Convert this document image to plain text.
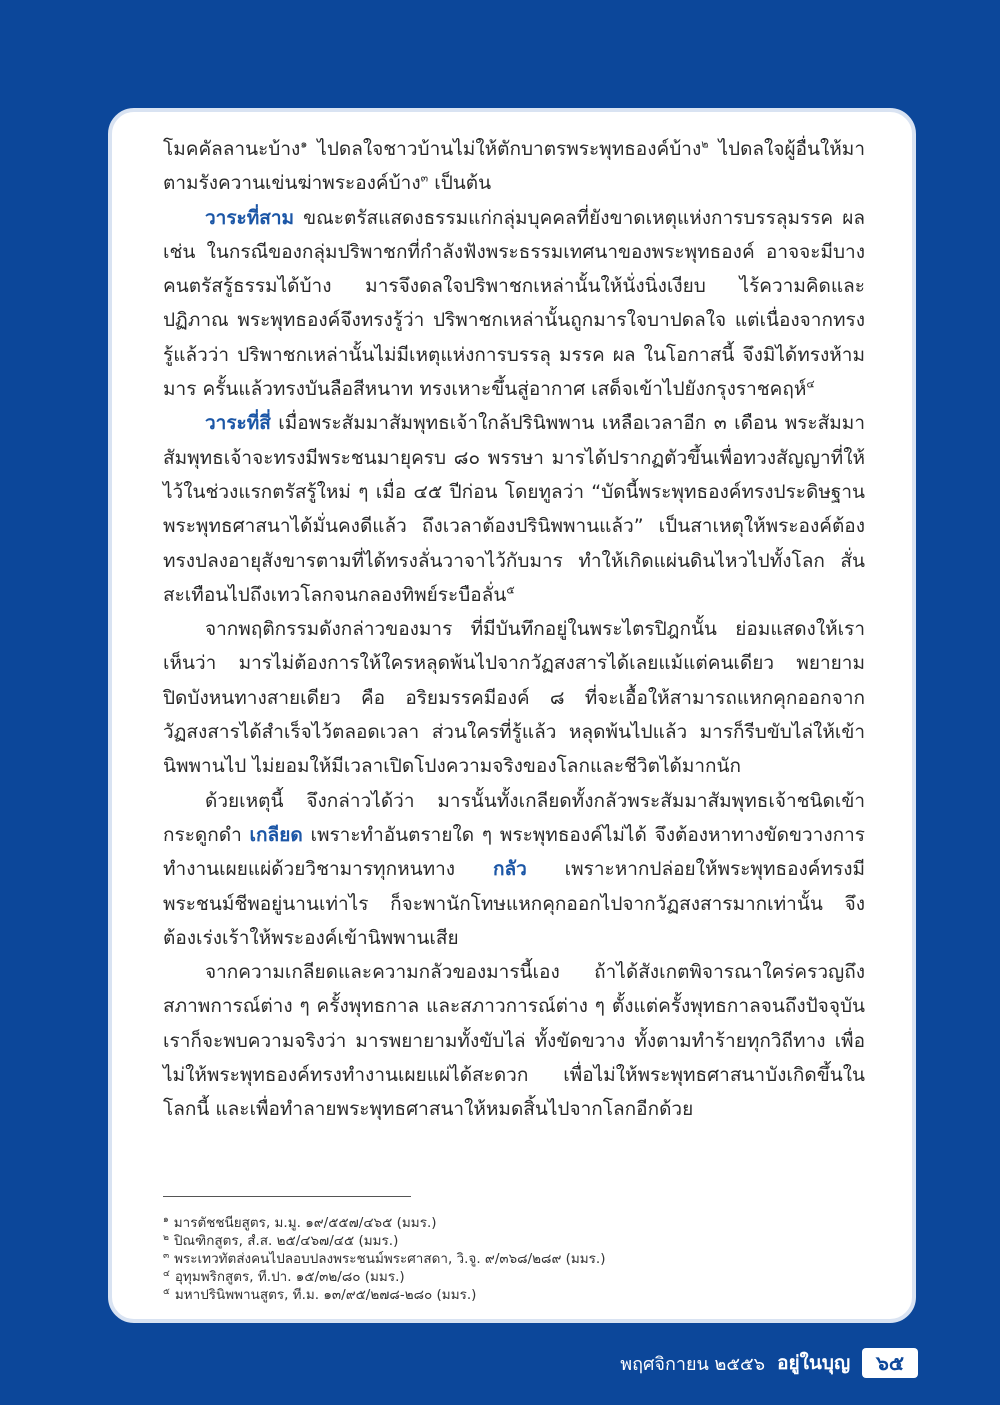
โมคคัลลานะบ้าง$^๑$ ไปดลใจชาวบ้านไม่ให้ตักบาตรพระพุทธองค์บ้าง$^๒$ ไปดลใจผู้อื่นให้มาตามรังควานเข่นฆ่าพระองค์บ้าง$^๓$ เป็นต้น

วาระที่สาม ขณะตรัสแสดงธรรมแก่กลุ่มบุคคลที่ยังขาดเหตุแห่งการบรรลุมรรค ผล เช่น ในกรณีของกลุ่มปริพาชกที่กำลังฟังพระธรรมเทศนาของพระพุทธองค์ อาจจะมีบางคนตรัสรู้ธรรมได้บ้าง มารจึงดลใจปริพาชกเหล่านั้นให้นั่งนิ่งเงียบ ไร้ความคิดและปฏิภาณ พระพุทธองค์จึงทรงรู้ว่า ปริพาชกเหล่านั้นถูกมารใจบาปดลใจ แต่เนื่องจากทรงรู้แล้วว่า ปริพาชกเหล่านั้นไม่มีเหตุแห่งการบรรลุ มรรค ผล ในโอกาสนี้ จึงมิได้ทรงห้ามมาร ครั้นแล้วทรงบันลือสีหนาท ทรงเหาะขึ้นสู่อากาศ เสด็จเข้าไปยังกรุงราชคฤห์$^๔$

วาระที่สี่ เมื่อพระสัมมาสัมพุทธเจ้าใกล้ปรินิพพาน เหลือเวลาอีก ๓ เดือน พระสัมมาสัมพุทธเจ้าจะทรงมีพระชนมายุครบ ๘๐ พรรษา มารได้ปรากฏตัวขึ้นเพื่อทวงสัญญาที่ให้ไว้ในช่วงแรกตรัสรู้ใหม่ ๆ เมื่อ ๔๕ ปีก่อน โดยทูลว่า “บัดนี้พระพุทธองค์ทรงประดิษฐานพระพุทธศาสนาได้มั่นคงดีแล้ว ถึงเวลาต้องปรินิพพานแล้ว” เป็นสาเหตุให้พระองค์ต้องทรงปลงอายุสังขารตามที่ได้ทรงลั่นวาจาไว้กับมาร ทำให้เกิดแผ่นดินไหวไปทั้งโลก สั่นสะเทือนไปถึงเทวโลกจนกลองทิพย์ระบือลั่น$^๕$

จากพฤติกรรมดังกล่าวของมาร ที่มีบันทึกอยู่ในพระไตรปิฎกนั้น ย่อมแสดงให้เราเห็นว่า มารไม่ต้องการให้ใครหลุดพ้นไปจากวัฏสงสารได้เลยแม้แต่คนเดียว พยายามปิดบังหนทางสายเดียว คือ อริยมรรคมีองค์ ๘ ที่จะเอื้อให้สามารถแหกคุกออกจากวัฏสงสารได้สำเร็จไว้ตลอดเวลา ส่วนใครที่รู้แล้ว หลุดพ้นไปแล้ว มารก็รีบขับไล่ให้เข้านิพพานไป ไม่ยอมให้มีเวลาเปิดโปงความจริงของโลกและชีวิตได้มากนัก

ด้วยเหตุนี้ จึงกล่าวได้ว่า มารนั้นทั้งเกลียดทั้งกลัวพระสัมมาสัมพุทธเจ้าชนิดเข้ากระดูกดำ เกลียด เพราะทำอันตรายใด ๆ พระพุทธองค์ไม่ได้ จึงต้องหาทางขัดขวางการทำงานเผยแผ่ด้วยวิชามารทุกหนทาง กลัว เพราะหากปล่อยให้พระพุทธองค์ทรงมีพระชนม์ชีพอยู่นานเท่าไร ก็จะพานักโทษแหกคุกออกไปจากวัฏสงสารมากเท่านั้น จึงต้องเร่งเร้าให้พระองค์เข้านิพพานเสีย

จากความเกลียดและความกลัวของมารนี้เอง ถ้าได้สังเกตพิจารณาใคร่ครวญถึงสภาพการณ์ต่าง ๆ ครั้งพุทธกาล และสภาวการณ์ต่าง ๆ ตั้งแต่ครั้งพุทธกาลจนถึงปัจจุบัน เราก็จะพบความจริงว่า มารพยายามทั้งขับไล่ ทั้งขัดขวาง ทั้งตามทำร้ายทุกวิถีทาง เพื่อไม่ให้พระพุทธองค์ทรงทำงานเผยแผ่ได้สะดวก เพื่อไม่ให้พระพุทธศาสนาบังเกิดขึ้นในโลกนี้ และเพื่อทำลายพระพุทธศาสนาให้หมดสิ้นไปจากโลกอีกด้วย

$^๑$ มารตัชชนียสูตร, ม.มู. ๑๙/๕๕๗/๔๖๕ (มมร.)
$^๒$ ปิณฑิกสูตร, สํ.ส. ๒๕/๔๖๗/๔๕ (มมร.)
$^๓$ พระเทวทัตส่งคนไปลอบปลงพระชนม์พระศาสดา, วิ.จู. ๙/๓๖๘/๒๘๙ (มมร.)
$^๔$ อุทุมพริกสูตร, ที.ปา. ๑๕/๓๒/๘๐ (มมร.)
$^๕$ มหาปรินิพพานสูตร, ที.ม. ๑๓/๙๕/๒๗๘-๒๘๐ (มมร.)
พฤศจิกายน ๒๕๕๖ อยู่ในบุญ	๖๕
